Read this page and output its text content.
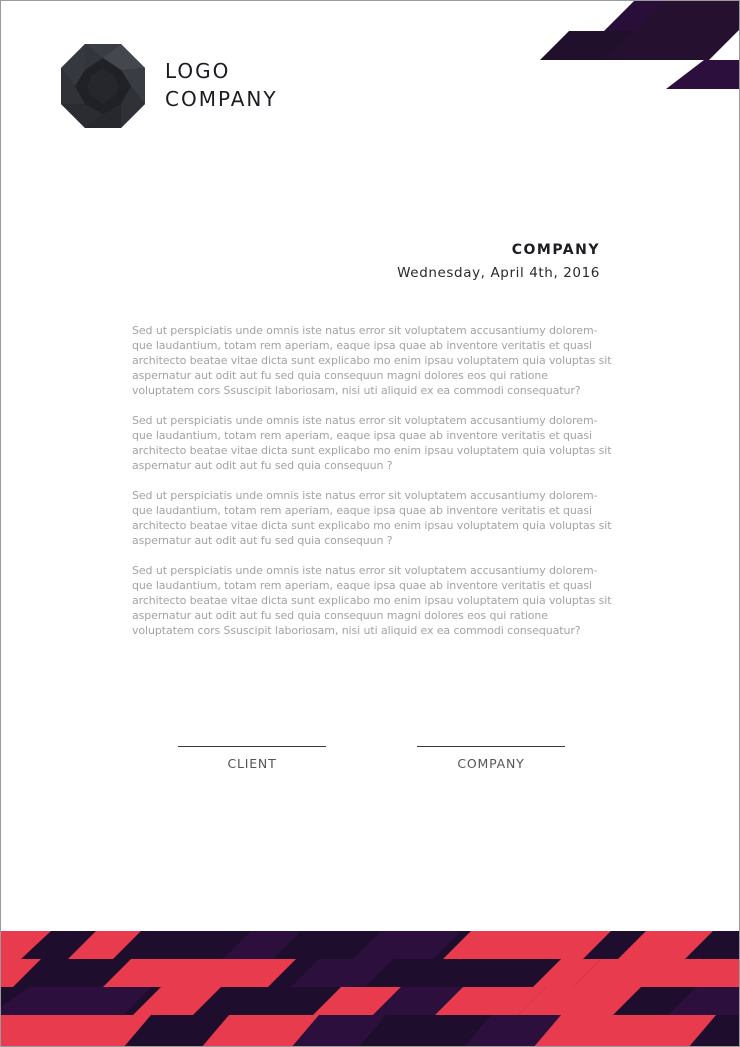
LOGO
COMPANY
COMPANY
Wednesday, April 4th, 2016

Sed ut perspiciatis unde omnis iste natus error sit voluptatem accusantiumy dolorem-que laudantium, totam rem aperiam, eaque ipsa quae ab inventore veritatis et quasi architecto beatae vitae dicta sunt explicabo mo enim ipsau voluptatem quia voluptas sit aspernatur aut odit aut fu sed quia consequun magni dolores eos qui ratione voluptatem cors Ssuscipit laboriosam, nisi uti aliquid ex ea commodi consequatur?

Sed ut perspiciatis unde omnis iste natus error sit voluptatem accusantiumy dolorem-que laudantium, totam rem aperiam, eaque ipsa quae ab inventore veritatis et quasi architecto beatae vitae dicta sunt explicabo mo enim ipsau voluptatem quia voluptas sit aspernatur aut odit aut fu sed quia consequun ?

Sed ut perspiciatis unde omnis iste natus error sit voluptatem accusantiumy dolorem-que laudantium, totam rem aperiam, eaque ipsa quae ab inventore veritatis et quasi architecto beatae vitae dicta sunt explicabo mo enim ipsau voluptatem quia voluptas sit aspernatur aut odit aut fu sed quia consequun ?

Sed ut perspiciatis unde omnis iste natus error sit voluptatem accusantiumy dolorem-que laudantium, totam rem aperiam, eaque ipsa quae ab inventore veritatis et quasi architecto beatae vitae dicta sunt explicabo mo enim ipsau voluptatem quia voluptas sit aspernatur aut odit aut fu sed quia consequun magni dolores eos qui ratione voluptatem cors Ssuscipit laboriosam, nisi uti aliquid ex ea commodi consequatur?

CLIENT	COMPANY
